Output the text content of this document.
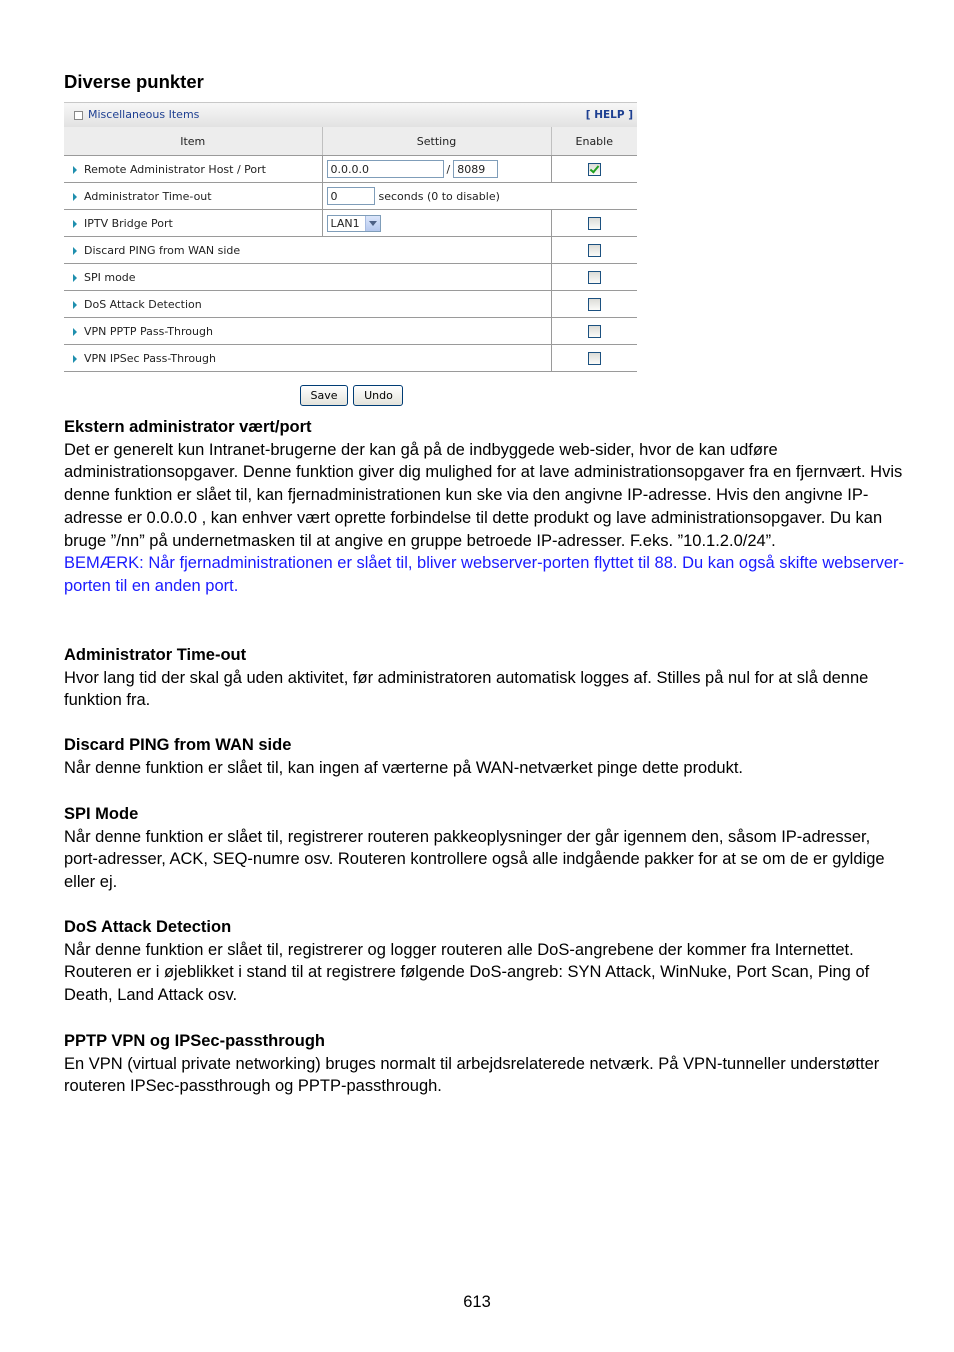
Diverse punkter
Miscellaneous Items	[ HELP ]
Item	Setting	Enable
Remote Administrator Host / Port	0.0.0.0 / 8089	
Administrator Time-out	0 seconds (0 to disable)	
IPTV Bridge Port	LAN1

Discard PING from WAN side		
SPI mode		
DoS Attack Detection		
VPN PPTP Pass-Through		
VPN IPSec Pass-Through		
Save Undo
Ekstern administrator vært/port

Det er generelt kun Intranet-brugerne der kan gå på de indbyggede web-sider, hvor de kan udføre administrationsopgaver. Denne funktion giver dig mulighed for at lave administrationsopgaver fra en fjernvært. Hvis denne funktion er slået til, kan fjernadministrationen kun ske via den angivne IP-adresse. Hvis den angivne IP-adresse er 0.0.0.0 , kan enhver vært oprette forbindelse til dette produkt og lave administrationsopgaver. Du kan bruge ”/nn” på undernetmasken til at angive en gruppe betroede IP-adresser. F.eks. ”10.1.2.0/24”.

BEMÆRK: Når fjernadministrationen er slået til, bliver webserver-porten flyttet til 88. Du kan også skifte webserver-porten til en anden port.

Administrator Time-out

Hvor lang tid der skal gå uden aktivitet, før administratoren automatisk logges af. Stilles på nul for at slå denne funktion fra.

Discard PING from WAN side

Når denne funktion er slået til, kan ingen af værterne på WAN-netværket pinge dette produkt.

SPI Mode

Når denne funktion er slået til, registrerer routeren pakkeoplysninger der går igennem den, såsom IP-adresser, port-adresser, ACK, SEQ-numre osv. Routeren kontrollere også alle indgående pakker for at se om de er gyldige eller ej.

DoS Attack Detection

Når denne funktion er slået til, registrerer og logger routeren alle DoS-angrebene der kommer fra Internettet. Routeren er i øjeblikket i stand til at registrere følgende DoS-angreb: SYN Attack, WinNuke, Port Scan, Ping of Death, Land Attack osv.

PPTP VPN og IPSec-passthrough

En VPN (virtual private networking) bruges normalt til arbejdsrelaterede netværk. På VPN-tunneller understøtter routeren IPSec-passthrough og PPTP-passthrough.

613
